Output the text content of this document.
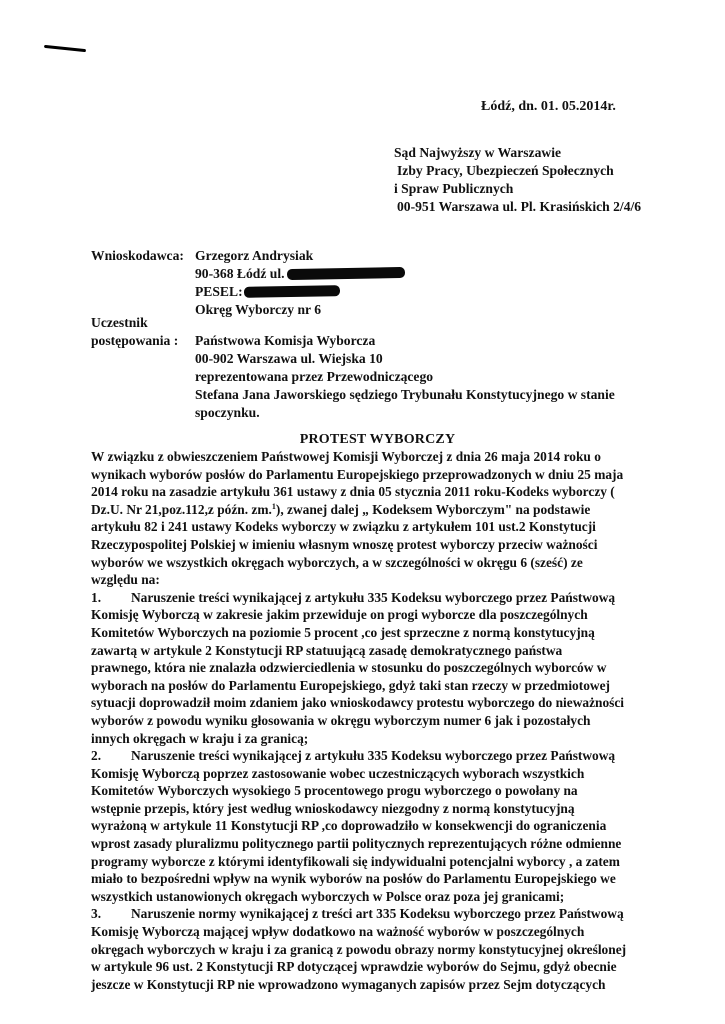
Łódź, dn. 01. 05.2014r.
Sąd Najwyższy w Warszawie
Izby Pracy, Ubezpieczeń Społecznych
i Spraw Publicznych
00-951 Warszawa ul. Pl. Krasińskich 2/4/6
Wnioskodawca: Grzegorz Andrysiak
90-368 Łódź ul.
PESEL:
Okręg Wyborczy nr 6
Uczestnik
postępowania : Państwowa Komisja Wyborcza
00-902 Warszawa ul. Wiejska 10
reprezentowana przez Przewodniczącego
Stefana Jana Jaworskiego sędziego Trybunału Konstytucyjnego w stanie
spoczynku.
PROTEST WYBORCZY
W związku z obwieszczeniem Państwowej Komisji Wyborczej z dnia 26 maja 2014 roku o
wynikach wyborów posłów do Parlamentu Europejskiego przeprowadzonych w dniu 25 maja
2014 roku na zasadzie artykułu 361 ustawy z dnia 05 stycznia 2011 roku-Kodeks wyborczy (
Dz.U. Nr 21,poz.112,z późn. zm.$^1$), zwanej dalej „ Kodeksem Wyborczym" na podstawie
artykułu 82 i 241 ustawy Kodeks wyborczy w związku z artykułem 101 ust.2 Konstytucji
Rzeczypospolitej Polskiej w imieniu własnym wnoszę protest wyborczy przeciw ważności
wyborów we wszystkich okręgach wyborczych, a w szczególności w okręgu 6 (sześć) ze
względu na:
1. Naruszenie treści wynikającej z artykułu 335 Kodeksu wyborczego przez Państwową
Komisję Wyborczą w zakresie jakim przewiduje on progi wyborcze dla poszczególnych
Komitetów Wyborczych na poziomie 5 procent ,co jest sprzeczne z normą konstytucyjną
zawartą w artykule 2 Konstytucji RP statuującą zasadę demokratycznego państwa
prawnego, która nie znalazła odzwierciedlenia w stosunku do poszczególnych wyborców w
wyborach na posłów do Parlamentu Europejskiego, gdyż taki stan rzeczy w przedmiotowej
sytuacji doprowadził moim zdaniem jako wnioskodawcy protestu wyborczego do nieważności
wyborów z powodu wyniku głosowania w okręgu wyborczym numer 6 jak i pozostałych
innych okręgach w kraju i za granicą;
2. Naruszenie treści wynikającej z artykułu 335 Kodeksu wyborczego przez Państwową
Komisję Wyborczą poprzez zastosowanie wobec uczestniczących wyborach wszystkich
Komitetów Wyborczych wysokiego 5 procentowego progu wyborczego o powołany na
wstępnie przepis, który jest według wnioskodawcy niezgodny z normą konstytucyjną
wyrażoną w artykule 11 Konstytucji RP ,co doprowadziło w konsekwencji do ograniczenia
wprost zasady pluralizmu politycznego partii politycznych reprezentujących różne odmienne
programy wyborcze z którymi identyfikowali się indywidualni potencjalni wyborcy , a zatem
miało to bezpośredni wpływ na wynik wyborów na posłów do Parlamentu Europejskiego we
wszystkich ustanowionych okręgach wyborczych w Polsce oraz poza jej granicami;
3. Naruszenie normy wynikającej z treści art 335 Kodeksu wyborczego przez Państwową
Komisję Wyborczą mającej wpływ dodatkowo na ważność wyborów w poszczególnych
okręgach wyborczych w kraju i za granicą z powodu obrazy normy konstytucyjnej określonej
w artykule 96 ust. 2 Konstytucji RP dotyczącej wprawdzie wyborów do Sejmu, gdyż obecnie
jeszcze w Konstytucji RP nie wprowadzono wymaganych zapisów przez Sejm dotyczących
